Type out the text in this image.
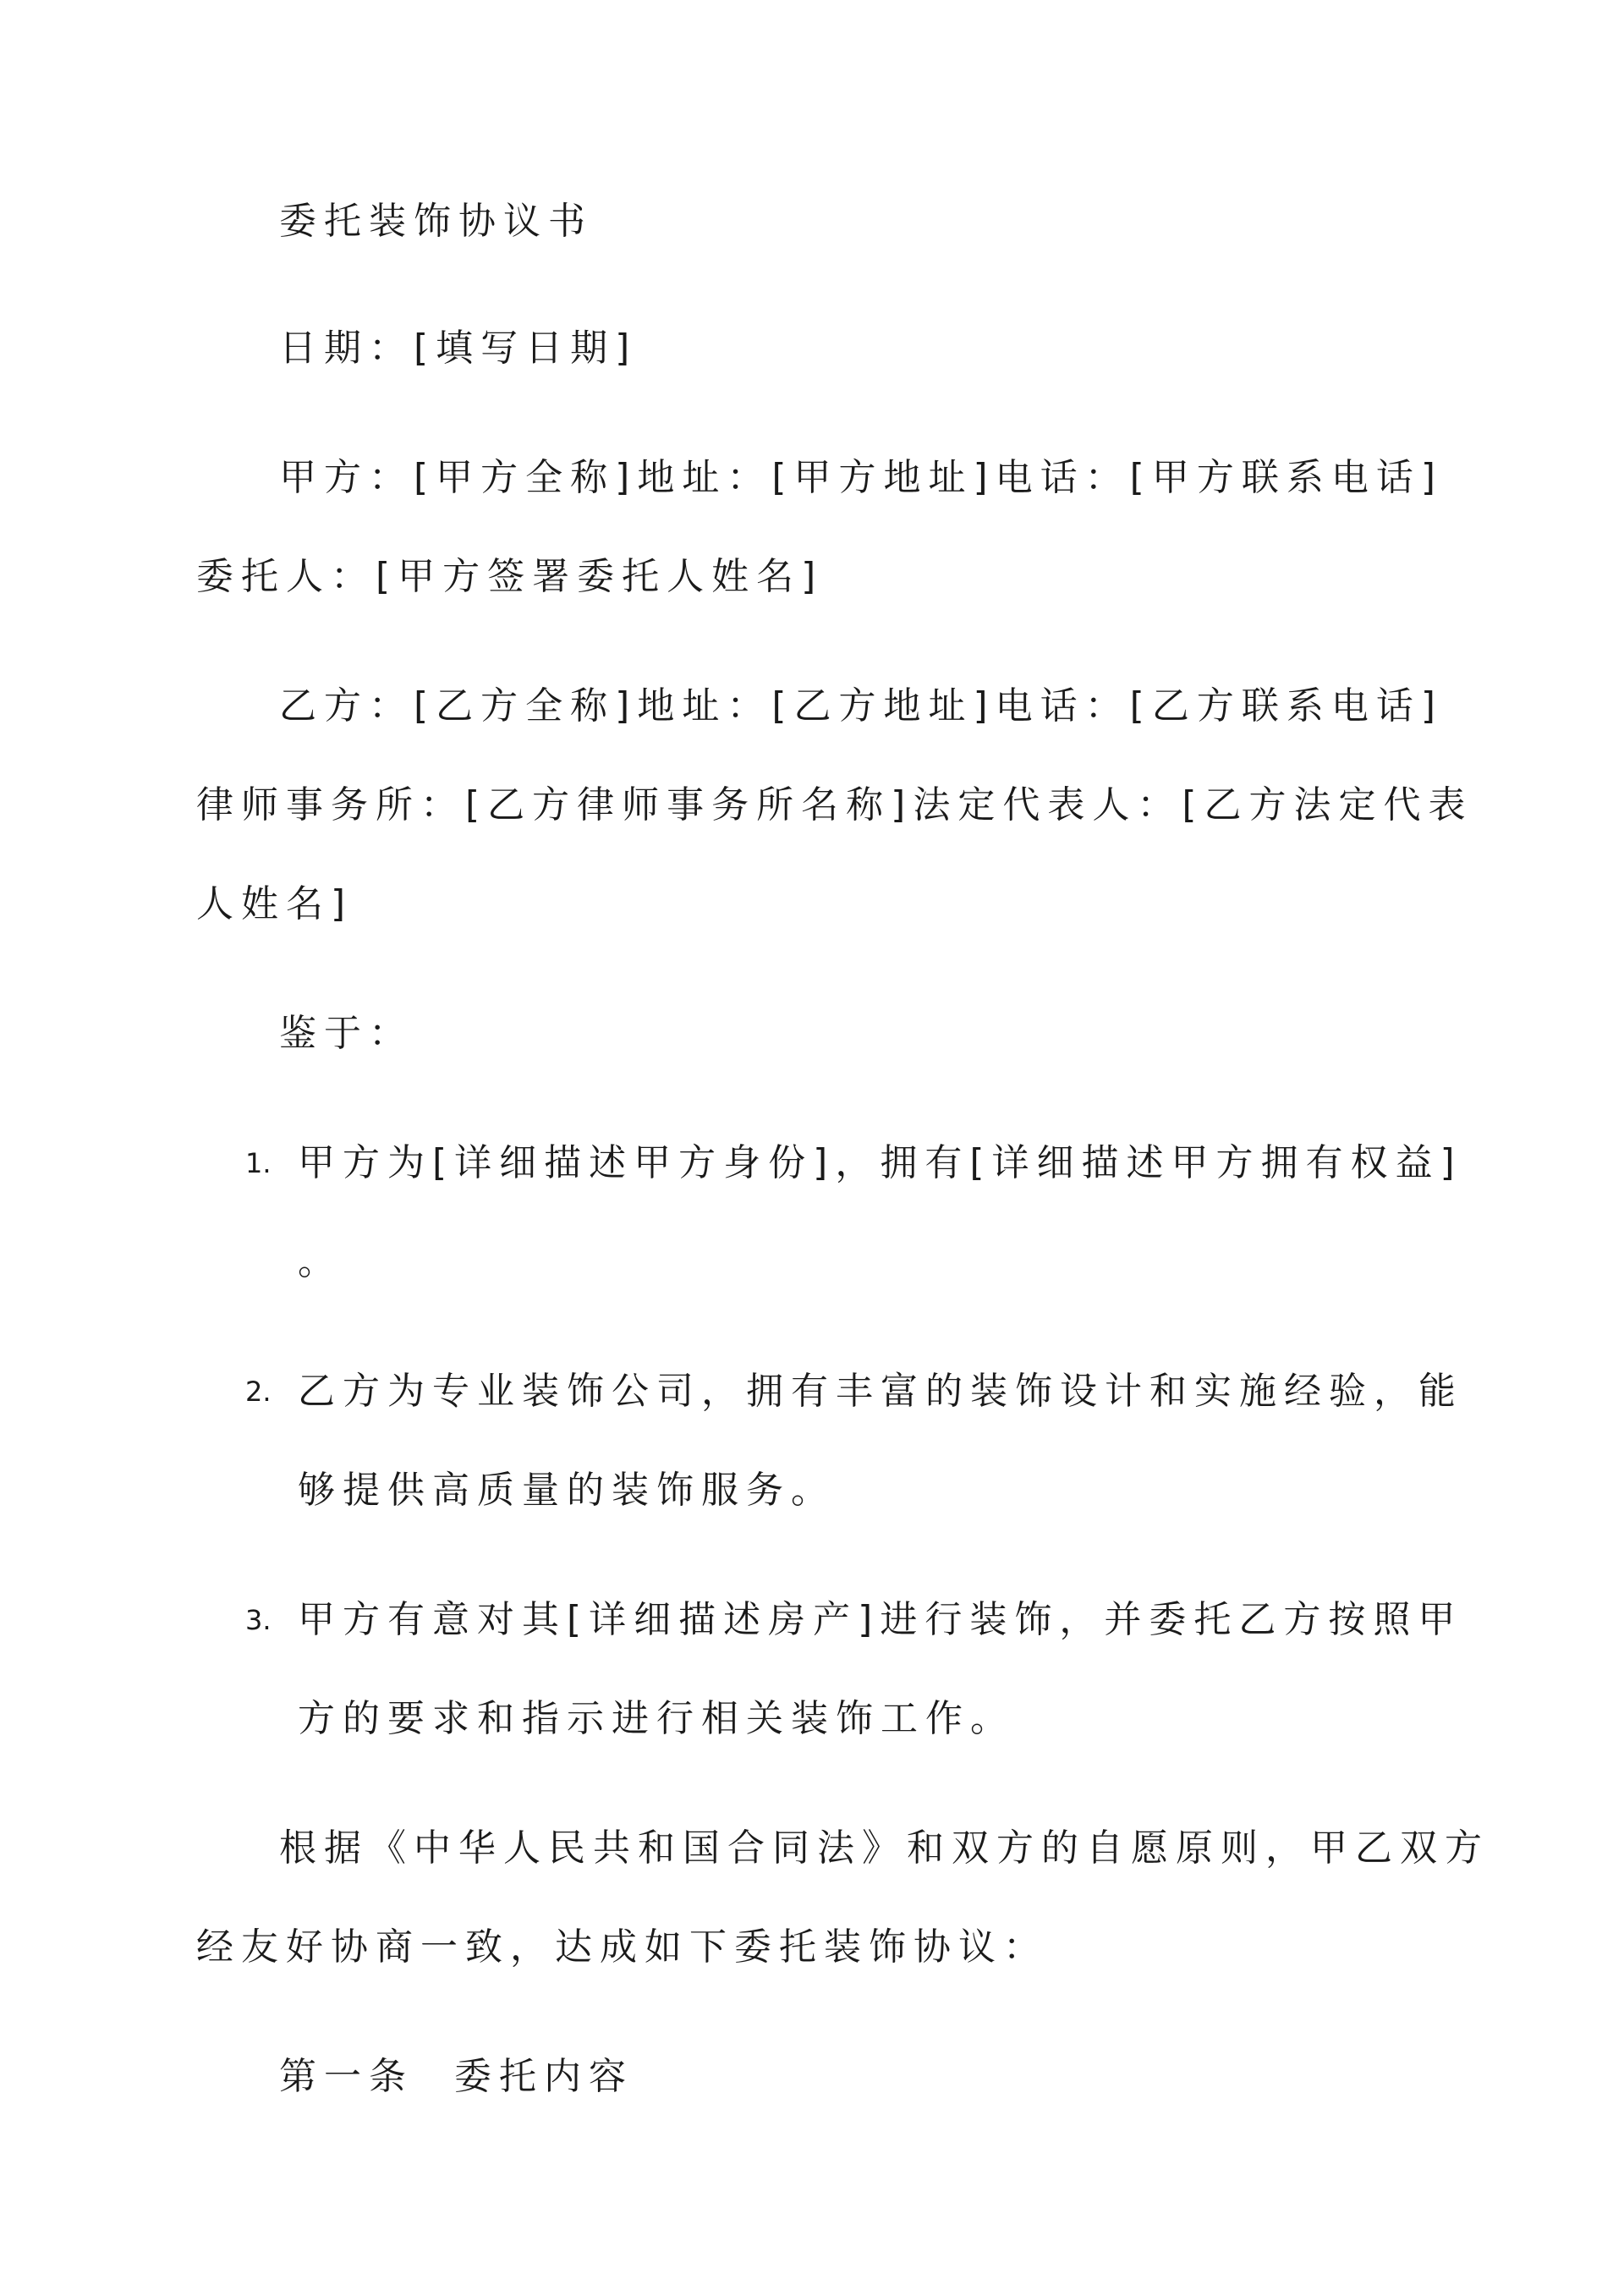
委托装饰协议书
日期：[填写日期]
甲方：[甲方全称]地址：[甲方地址]电话：[甲方联系电话]
委托人：[甲方签署委托人姓名]
乙方：[乙方全称]地址：[乙方地址]电话：[乙方联系电话]
律师事务所：[乙方律师事务所名称]法定代表人：[乙方法定代表
人姓名]
鉴于：
1. 甲方为[详细描述甲方身份]，拥有[详细描述甲方拥有权益]
。
2. 乙方为专业装饰公司，拥有丰富的装饰设计和实施经验，能
够提供高质量的装饰服务。
3. 甲方有意对其[详细描述房产]进行装饰，并委托乙方按照甲
方的要求和指示进行相关装饰工作。
根据《中华人民共和国合同法》和双方的自愿原则，甲乙双方
经友好协商一致，达成如下委托装饰协议：
第一条 委托内容
